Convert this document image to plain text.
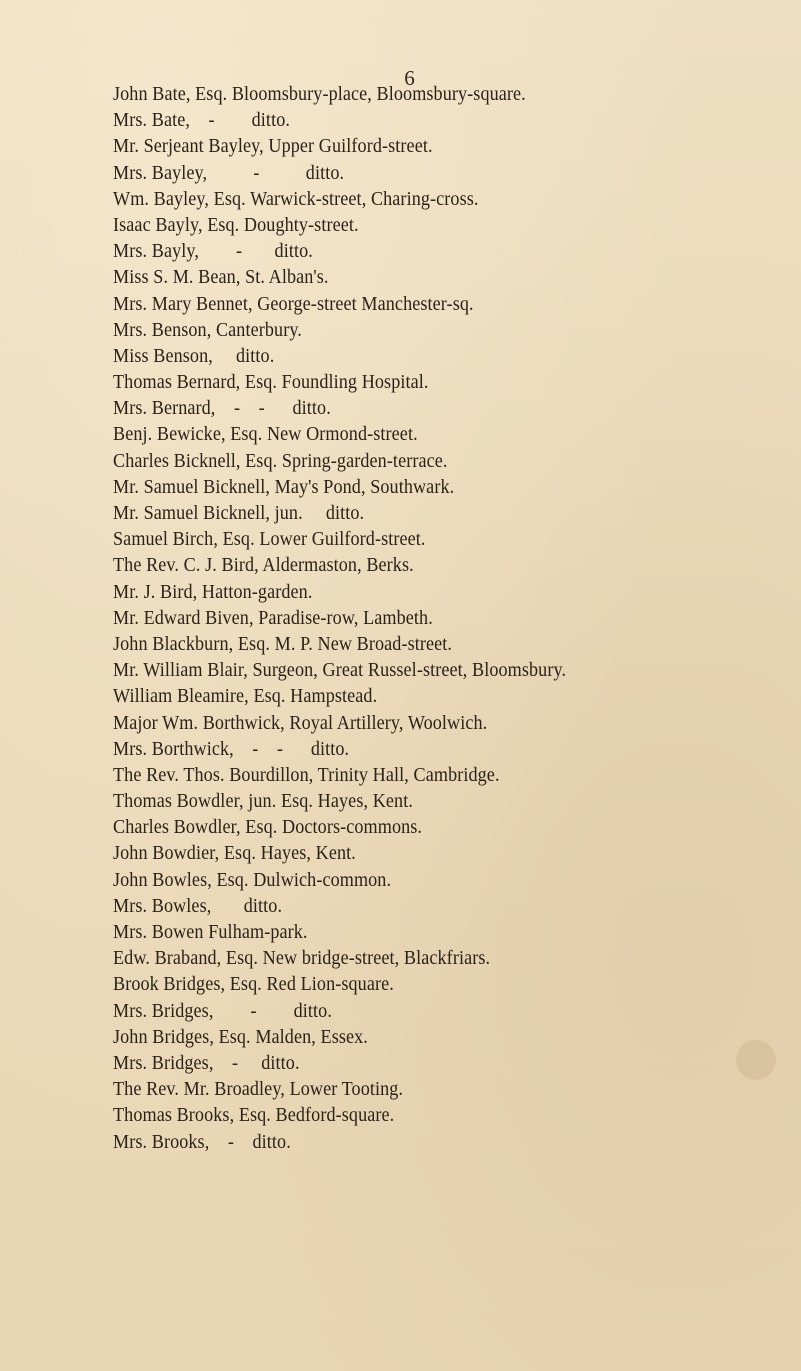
6
John Bate, Esq. Bloomsbury-place, Bloomsbury-square.
Mrs. Bate,    -        ditto.
Mr. Serjeant Bayley, Upper Guilford-street.
Mrs. Bayley,          -          ditto.
Wm. Bayley, Esq. Warwick-street, Charing-cross.
Isaac Bayly, Esq. Doughty-street.
Mrs. Bayly,        -       ditto.
Miss S. M. Bean, St. Alban's.
Mrs. Mary Bennet, George-street Manchester-sq.
Mrs. Benson, Canterbury.
Miss Benson, ditto.
Thomas Bernard, Esq. Foundling Hospital.
Mrs. Bernard,    -    -      ditto.
Benj. Bewicke, Esq. New Ormond-street.
Charles Bicknell, Esq. Spring-garden-terrace.
Mr. Samuel Bicknell, May's Pond, Southwark.
Mr. Samuel Bicknell, jun. ditto.
Samuel Birch, Esq. Lower Guilford-street.
The Rev. C. J. Bird, Aldermaston, Berks.
Mr. J. Bird, Hatton-garden.
Mr. Edward Biven, Paradise-row, Lambeth.
John Blackburn, Esq. M. P. New Broad-street.
Mr. William Blair, Surgeon, Great Russel-street, Bloomsbury.
William Bleamire, Esq. Hampstead.
Major Wm. Borthwick, Royal Artillery, Woolwich.
Mrs. Borthwick,    -    -      ditto.
The Rev. Thos. Bourdillon, Trinity Hall, Cambridge.
Thomas Bowdler, jun. Esq. Hayes, Kent.
Charles Bowdler, Esq. Doctors-commons.
John Bowdier, Esq. Hayes, Kent.
John Bowles, Esq. Dulwich-common.
Mrs. Bowles, ditto.
Mrs. Bowen Fulham-park.
Edw. Braband, Esq. New bridge-street, Blackfriars.
Brook Bridges, Esq. Red Lion-square.
Mrs. Bridges,        -        ditto.
John Bridges, Esq. Malden, Essex.
Mrs. Bridges,    -     ditto.
The Rev. Mr. Broadley, Lower Tooting.
Thomas Brooks, Esq. Bedford-square.
Mrs. Brooks,    -    ditto.
